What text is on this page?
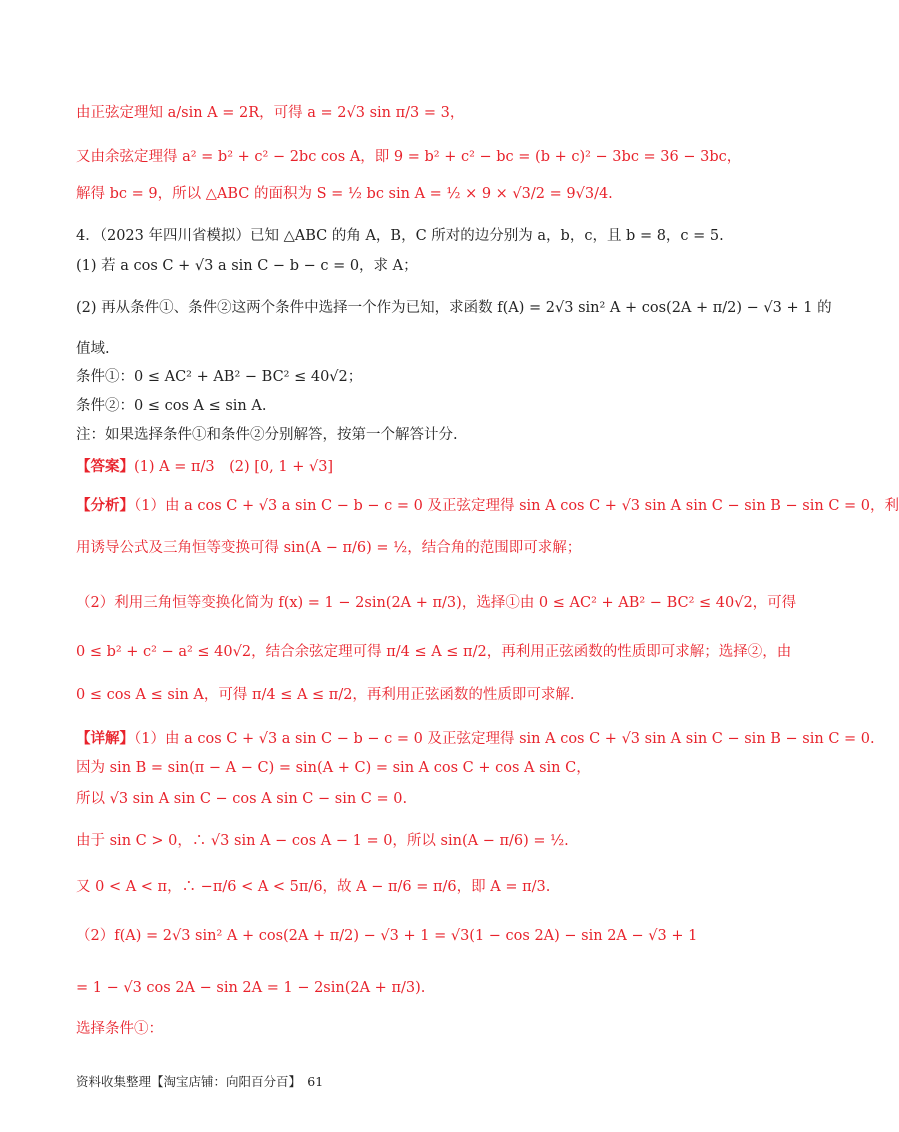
由正弦定理知 a/sin A = 2R，可得 a = 2√3 sin π/3 = 3，
又由余弦定理得 a² = b² + c² − 2bc cos A，即 9 = b² + c² − bc = (b + c)² − 3bc = 36 − 3bc，
解得 bc = 9，所以 △ABC 的面积为 S = ½ bc sin A = ½ × 9 × √3/2 = 9√3/4.
4．（2023 年四川省模拟）已知 △ABC 的角 A，B，C 所对的边分别为 a，b，c，且 b = 8，c = 5.
(1) 若 a cos C + √3 a sin C − b − c = 0，求 A；
(2) 再从条件①、条件②这两个条件中选择一个作为已知，求函数 f(A) = 2√3 sin² A + cos(2A + π/2) − √3 + 1 的
值域.
条件①：0 ≤ AC² + AB² − BC² ≤ 40√2；
条件②：0 ≤ cos A ≤ sin A.
注：如果选择条件①和条件②分别解答，按第一个解答计分.
【答案】(1) A = π/3　(2) [0, 1 + √3]
【分析】（1）由 a cos C + √3 a sin C − b − c = 0 及正弦定理得 sin A cos C + √3 sin A sin C − sin B − sin C = 0，利
用诱导公式及三角恒等变换可得 sin(A − π/6) = ½，结合角的范围即可求解；
（2）利用三角恒等变换化简为 f(x) = 1 − 2sin(2A + π/3)，选择①由 0 ≤ AC² + AB² − BC² ≤ 40√2，可得
0 ≤ b² + c² − a² ≤ 40√2，结合余弦定理可得 π/4 ≤ A ≤ π/2，再利用正弦函数的性质即可求解；选择②，由
0 ≤ cos A ≤ sin A，可得 π/4 ≤ A ≤ π/2，再利用正弦函数的性质即可求解.
【详解】（1）由 a cos C + √3 a sin C − b − c = 0 及正弦定理得 sin A cos C + √3 sin A sin C − sin B − sin C = 0.
因为 sin B = sin(π − A − C) = sin(A + C) = sin A cos C + cos A sin C，
所以 √3 sin A sin C − cos A sin C − sin C = 0.
由于 sin C > 0，∴ √3 sin A − cos A − 1 = 0，所以 sin(A − π/6) = ½.
又 0 < A < π，∴ −π/6 < A < 5π/6，故 A − π/6 = π/6，即 A = π/3.
（2）f(A) = 2√3 sin² A + cos(2A + π/2) − √3 + 1 = √3(1 − cos 2A) − sin 2A − √3 + 1
= 1 − √3 cos 2A − sin 2A = 1 − 2sin(2A + π/3).
选择条件①：
资料收集整理【淘宝店铺：向阳百分百】　61
